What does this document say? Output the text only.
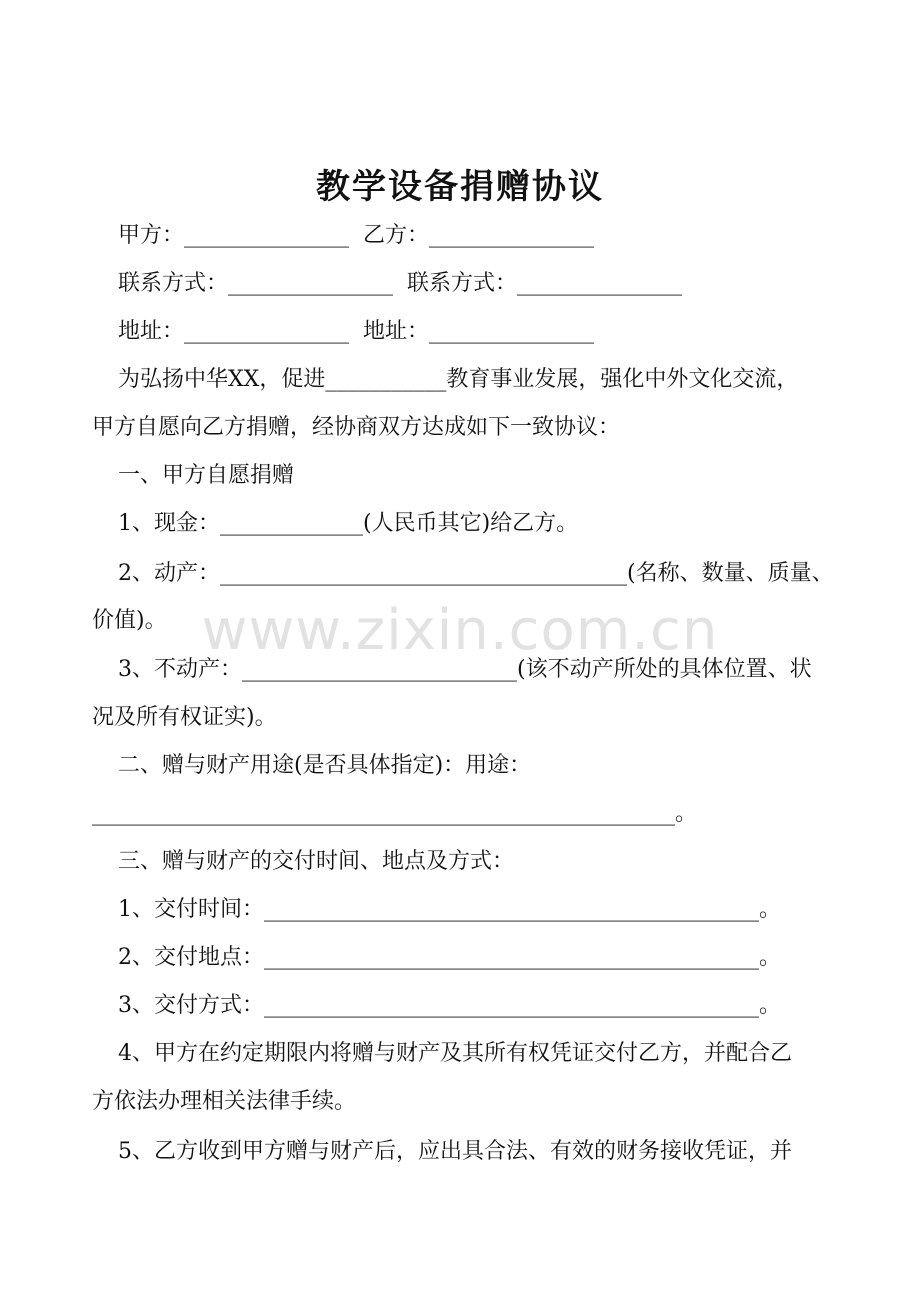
教学设备捐赠协议
甲方：_______________ 乙方：_______________
联系方式：_______________ 联系方式：_______________
地址：_______________ 地址：_______________
为弘扬中华XX，促进___________教育事业发展，强化中外文化交流，
甲方自愿向乙方捐赠，经协商双方达成如下一致协议：
一、甲方自愿捐赠
1、现金：_____________(人民币其它)给乙方。
2、动产：_____________________________________(名称、数量、质量、
价值)。
3、不动产：_________________________(该不动产所处的具体位置、状
况及所有权证实)。
二、赠与财产用途(是否具体指定)：用途：
_____________________________________________________。
三、赠与财产的交付时间、地点及方式：
1、交付时间：_____________________________________________。
2、交付地点：_____________________________________________。
3、交付方式：_____________________________________________。
4、甲方在约定期限内将赠与财产及其所有权凭证交付乙方，并配合乙
方依法办理相关法律手续。
5、乙方收到甲方赠与财产后，应出具合法、有效的财务接收凭证，并
www.zixin.com.cn
